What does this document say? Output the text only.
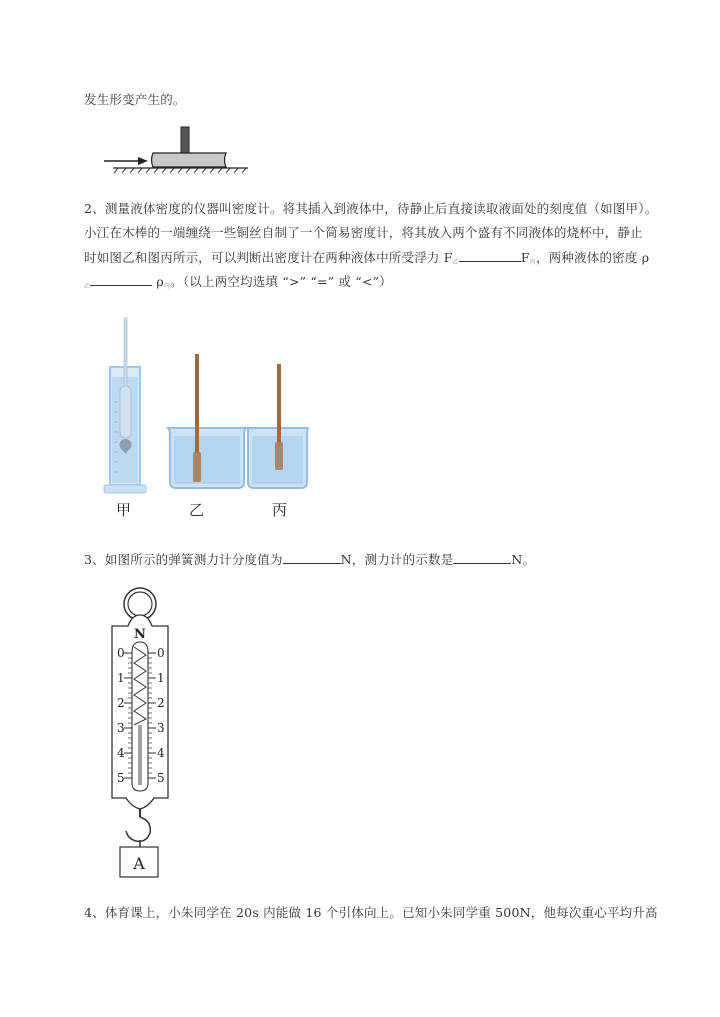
发生形变产生的。
2、测量液体密度的仪器叫密度计。将其插入到液体中，待静止后直接读取液面处的刻度值（如图甲）。
小江在木棒的一端缠绕一些铜丝自制了一个简易密度计，将其放入两个盛有不同液体的烧杯中，静止
时如图乙和图丙所示，可以判断出密度计在两种液体中所受浮力 $F_乙$	$F_丙$，两种液体的密度 ρ
$_乙$	$\rho_丙$。（以上两空均选填 “>” “=” 或 “<”）
甲	乙	丙
3、如图所示的弹簧测力计分度值为	N，测力计的示数是	N。
N
0	0
1	1
2	2
3	3
4	4
5	5
A
4、体育课上，小朱同学在 20s 内能做 16 个引体向上。已知小朱同学重 500N，他每次重心平均升高
